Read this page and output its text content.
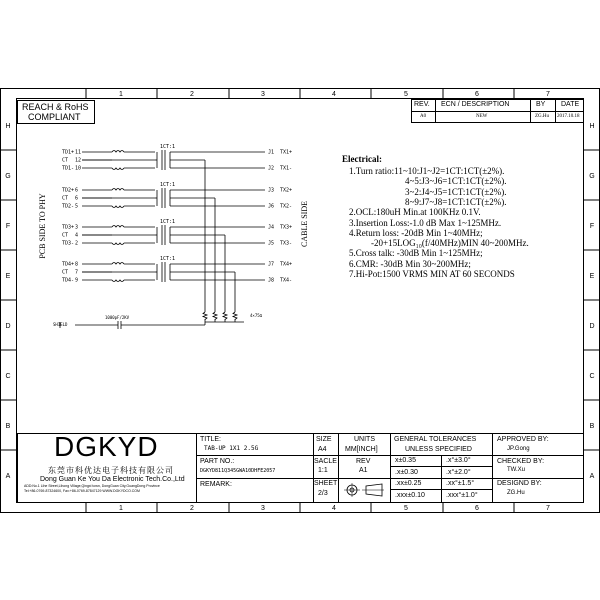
1
1
2
2
3
3
4
4
5
5
6
6
7
7
H	H
G	G
F	F
E	E
D	D
C	C
B	B
A	A
TD1+ 11
CT 12
TD1- 10
1CT:1
J1 TX1+
J2 TX1-
TD2+ 6
CT 6
TD2- 5
1CT:1
J3 TX2+
J6 TX2-
TD3+ 3
CT 4
TD3- 2
1CT:1
J4 TX3+
J5 TX3-
TD4+ 8
CT 7
TD4- 9
1CT:1
J7 TX4+
J8 TX4-
REACH & RoHS
COMPLIANT
REV. ECN / DESCRIPTION	BY DATE
A0	NEW	ZG.Hu 2017.10.18
PCB SIDE TO PHY	CABLE SIDE
1000pF/2KV	4×75Ω
SHIELD
Electrical:
1.Turn ratio:11~10:J1~J2=1CT:1CT(±2%).
4~5:J3~J6=1CT:1CT(±2%).
3~2:J4~J5=1CT:1CT(±2%).
8~9:J7~J8=1CT:1CT(±2%).
2.OCL:180uH Min.at 100KHz 0.1V.
3.Insertion Loss:-1.0 dB Max 1~125MHz.
4.Return loss: -20dB Min 1~40MHz;
-20+15LOG₁₀(f/40MHz)MIN 40~200MHz.
5.Cross talk: -30dB Min 1~125MHz;
6.CMR: -30dB Min 30~200MHz;
7.Hi-Pot:1500 VRMS MIN AT 60 SECONDS
DGKYD
东莞市科优达电子科技有限公司
Dong Guan Ke You Da Electronic Tech.Co.,Ltd
ADD:No.1 Lihe Street,Lihong Village,Qingxi town, DongGuan City,GuangDong Province
Tel:+86-0769-87324600, Fax:+86-0769-87847129 WWW.DGKYDCO.COM
TITLE:
TAB-UP 1X1 2.5G
PART NO.:
DGKYD811Q345GWA10DHFE2057
REMARK:
SIZE
A4
SACLE
1:1
SHEET
2/3
UNITS
MM[INCH]
REV
A1
GENERAL TOLERANCES
UNLESS SPECIFIED
x±0.35	.x°±3.0°
.x±0.30	.x°±2.0°
.xx±0.25	.xx°±1.5°
.xxx±0.10	.xxx°±1.0°
APPROVED BY:
JP.Gong
CHECKED BY:
TW.Xu
DESIGND BY:
ZG.Hu
